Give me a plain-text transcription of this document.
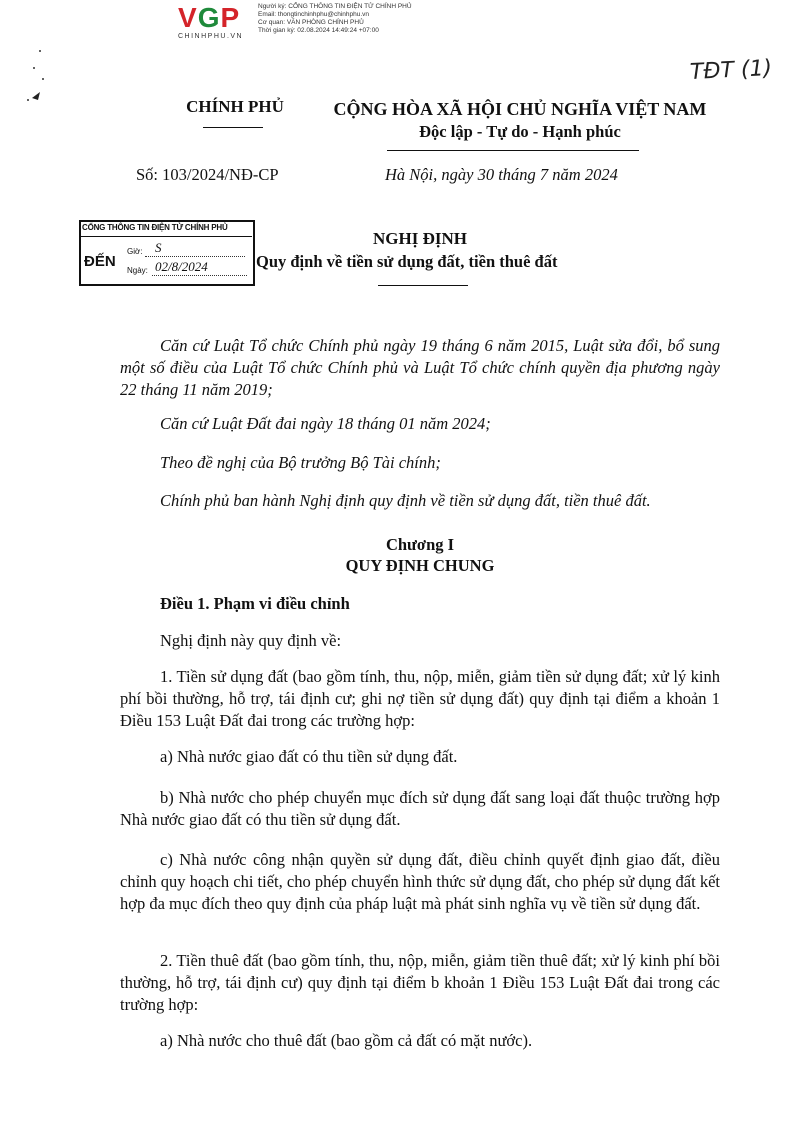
VGP
CHINHPHU.VN
Người ký: CỔNG THÔNG TIN ĐIỆN TỬ CHÍNH PHỦ
Email: thongtinchinhphu@chinhphu.vn
Cơ quan: VĂN PHÒNG CHÍNH PHỦ
Thời gian ký: 02.08.2024 14:49:24 +07:00
TĐT (1)
CHÍNH PHỦ	CỘNG HÒA XÃ HỘI CHỦ NGHĨA VIỆT NAM
Độc lập - Tự do - Hạnh phúc
Số: 103/2024/NĐ-CP	Hà Nội, ngày 30 tháng 7 năm 2024
CỔNG THÔNG TIN ĐIỆN TỬ CHÍNH PHỦ
ĐẾN
Giờ: S
Ngày: 02/8/2024
NGHỊ ĐỊNH
Quy định về tiền sử dụng đất, tiền thuê đất
Căn cứ Luật Tổ chức Chính phủ ngày 19 tháng 6 năm 2015, Luật sửa đổi, bổ sung một số điều của Luật Tổ chức Chính phủ và Luật Tổ chức chính quyền địa phương ngày 22 tháng 11 năm 2019;
Căn cứ Luật Đất đai ngày 18 tháng 01 năm 2024;
Theo đề nghị của Bộ trưởng Bộ Tài chính;
Chính phủ ban hành Nghị định quy định về tiền sử dụng đất, tiền thuê đất.
Chương I
QUY ĐỊNH CHUNG
Điều 1. Phạm vi điều chỉnh
Nghị định này quy định về:
1. Tiền sử dụng đất (bao gồm tính, thu, nộp, miễn, giảm tiền sử dụng đất; xử lý kinh phí bồi thường, hỗ trợ, tái định cư; ghi nợ tiền sử dụng đất) quy định tại điểm a khoản 1 Điều 153 Luật Đất đai trong các trường hợp:
a) Nhà nước giao đất có thu tiền sử dụng đất.
b) Nhà nước cho phép chuyển mục đích sử dụng đất sang loại đất thuộc trường hợp Nhà nước giao đất có thu tiền sử dụng đất.
c) Nhà nước công nhận quyền sử dụng đất, điều chỉnh quyết định giao đất, điều chỉnh quy hoạch chi tiết, cho phép chuyển hình thức sử dụng đất, cho phép sử dụng đất kết hợp đa mục đích theo quy định của pháp luật mà phát sinh nghĩa vụ về tiền sử dụng đất.
2. Tiền thuê đất (bao gồm tính, thu, nộp, miễn, giảm tiền thuê đất; xử lý kinh phí bồi thường, hỗ trợ, tái định cư) quy định tại điểm b khoản 1 Điều 153 Luật Đất đai trong các trường hợp:
a) Nhà nước cho thuê đất (bao gồm cả đất có mặt nước).
